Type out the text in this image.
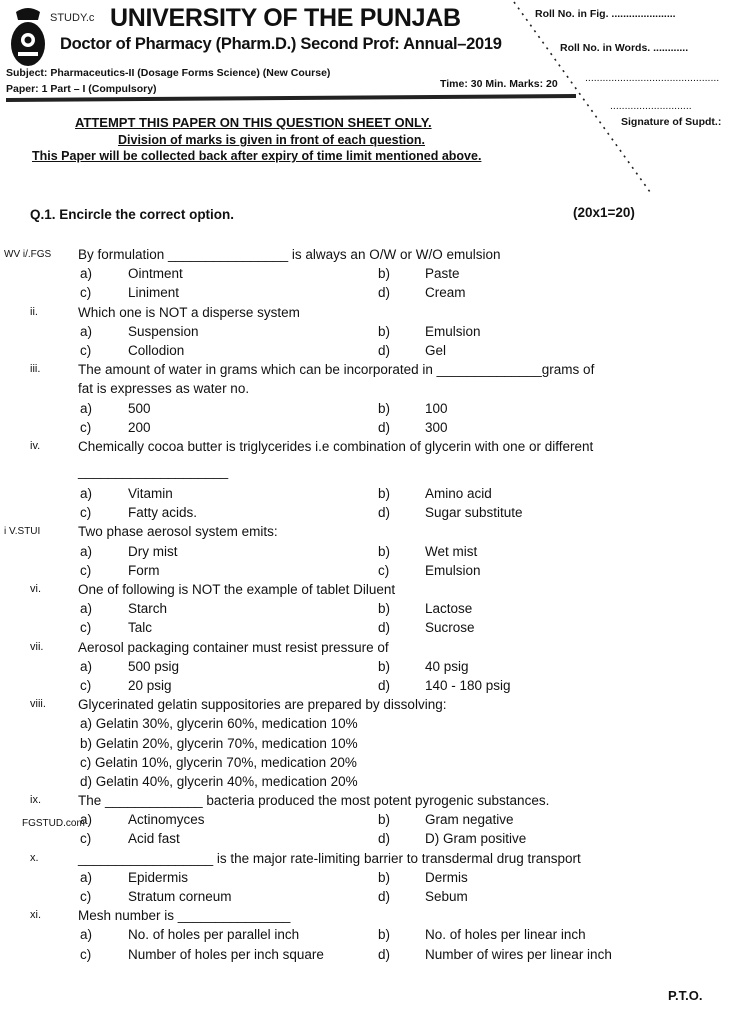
STUDY.c UNIVERSITY OF THE PUNJAB
Doctor of Pharmacy (Pharm.D.) Second Prof: Annual–2019
Subject: Pharmaceutics-II (Dosage Forms Science) (New Course)
Paper: 1 Part – I (Compulsory)	Time: 30 Min. Marks: 20
Roll No. in Fig. ......................
Roll No. in Words. ............
..............................................
............................
Signature of Supdt.:
ATTEMPT THIS PAPER ON THIS QUESTION SHEET ONLY.
Division of marks is given in front of each question.
This Paper will be collected back after expiry of time limit mentioned above.
Q.1. Encircle the correct option.	(20x1=20)
WV i/.FGS By formulation ________________ is always an O/W or W/O emulsion
a)	Ointment	b)	Paste
c)	Liniment	d)	Cream
ii.	Which one is NOT a disperse system
a)	Suspension	b)	Emulsion
c)	Collodion	d)	Gel
iii.	The amount of water in grams which can be incorporated in ______________grams of
fat is expresses as water no.
a)	500	b)	100
c)	200	d)	300
iv.	Chemically cocoa butter is triglycerides i.e combination of glycerin with one or different
____________________
a)	Vitamin	b)	Amino acid
c)	Fatty acids.	d)	Sugar substitute
i V.STUI	Two phase aerosol system emits:
a)	Dry mist	b)	Wet mist
c)	Form	c)	Emulsion
vi.	One of following is NOT the example of tablet Diluent
a)	Starch	b)	Lactose
c)	Talc	d)	Sucrose
vii.	Aerosol packaging container must resist pressure of
a)	500 psig	b)	40 psig
c)	20 psig	d)	140 - 180 psig
viii. Glycerinated gelatin suppositories are prepared by dissolving:
a) Gelatin 30%, glycerin 60%, medication 10%
b) Gelatin 20%, glycerin 70%, medication 10%
c) Gelatin 10%, glycerin 70%, medication 20%
d) Gelatin 40%, glycerin 40%, medication 20%
ix.	The _____________ bacteria produced the most potent pyrogenic substances.
FGSTUD.com
a)	Actinomyces	b)	Gram negative
c)	Acid fast	d)	D) Gram positive
x.	__________________ is the major rate-limiting barrier to transdermal drug transport
a)	Epidermis	b)	Dermis
c)	Stratum corneum	d)	Sebum
xi.	Mesh number is _______________
a)	No. of holes per parallel inch	b)	No. of holes per linear inch
c)	Number of holes per inch square	d)	Number of wires per linear inch
P.T.O.
